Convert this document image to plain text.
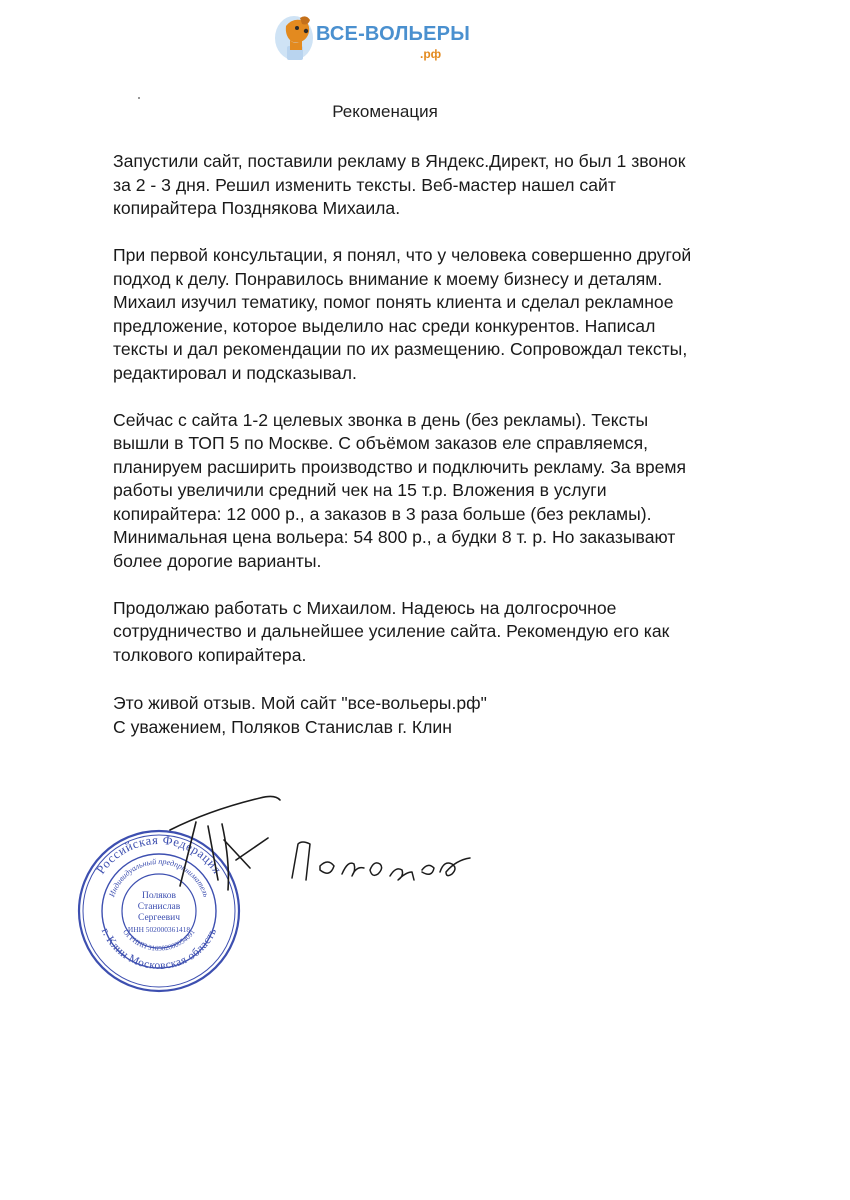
ВСЕ-ВОЛЬЕРЫ
.рф
Рекоменация

Запустили сайт, поставили рекламу в Яндекс.Директ, но был 1 звонок
за 2 - 3 дня. Решил изменить тексты. Веб-мастер нашел сайт
копирайтера Позднякова Михаила.

При первой консультации, я понял, что у человека совершенно другой
подход к делу. Понравилось внимание к моему бизнесу и деталям.
Михаил изучил тематику, помог понять клиента и сделал рекламное
предложение, которое выделило нас среди конкурентов. Написал
тексты и дал рекомендации по их размещению. Сопровождал тексты,
редактировал и подсказывал.

Сейчас с сайта 1-2 целевых звонка в день (без рекламы). Тексты
вышли в ТОП 5 по Москве. С объёмом заказов еле справляемся,
планируем расширить производство и подключить рекламу. За время
работы увеличили средний чек на 15 т.р. Вложения в услуги
копирайтера: 12 000 р., а заказов в 3 раза больше (без рекламы).
Минимальная цена вольера: 54 800 р., а будки 8 т. р. Но заказывают
более дорогие варианты.

Продолжаю работать с Михаилом. Надеюсь на долгосрочное
сотрудничество и дальнейшее усиление сайта. Рекомендую его как
толкового копирайтера.

Это живой отзыв. Мой сайт "все-вольеры.рф"
С уважением, Поляков Станислав г. Клин
Российская Федерация
г. Клин Московская область
Индивидуальный предприниматель
ОГРНИП 316502000054091
Поляков
Станислав
Сергеевич
ИНН 502000361418
